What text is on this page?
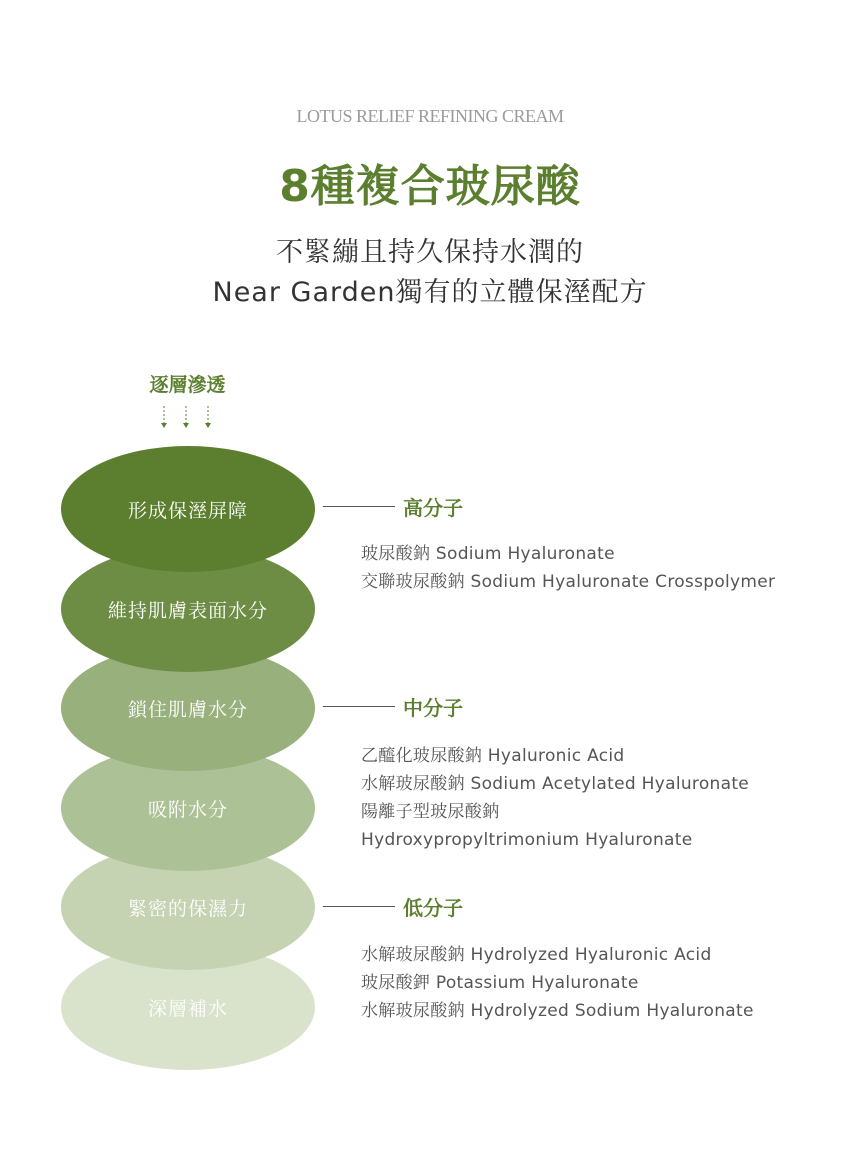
LOTUS RELIEF REFINING CREAM
8種複合玻尿酸
不緊繃且持久保持水潤的
Near Garden獨有的立體保溼配方
逐層滲透
深層補水
緊密的保濕力
吸附水分
鎖住肌膚水分
維持肌膚表面水分
形成保溼屏障	高分子
玻尿酸鈉 Sodium Hyaluronate
交聯玻尿酸鈉 Sodium Hyaluronate Crosspolymer
中分子
乙醯化玻尿酸鈉 Hyaluronic Acid
水解玻尿酸鈉 Sodium Acetylated Hyaluronate
陽離子型玻尿酸鈉
Hydroxypropyltrimonium Hyaluronate
低分子
水解玻尿酸鈉 Hydrolyzed Hyaluronic Acid
玻尿酸鉀 Potassium Hyaluronate
水解玻尿酸鈉 Hydrolyzed Sodium Hyaluronate
